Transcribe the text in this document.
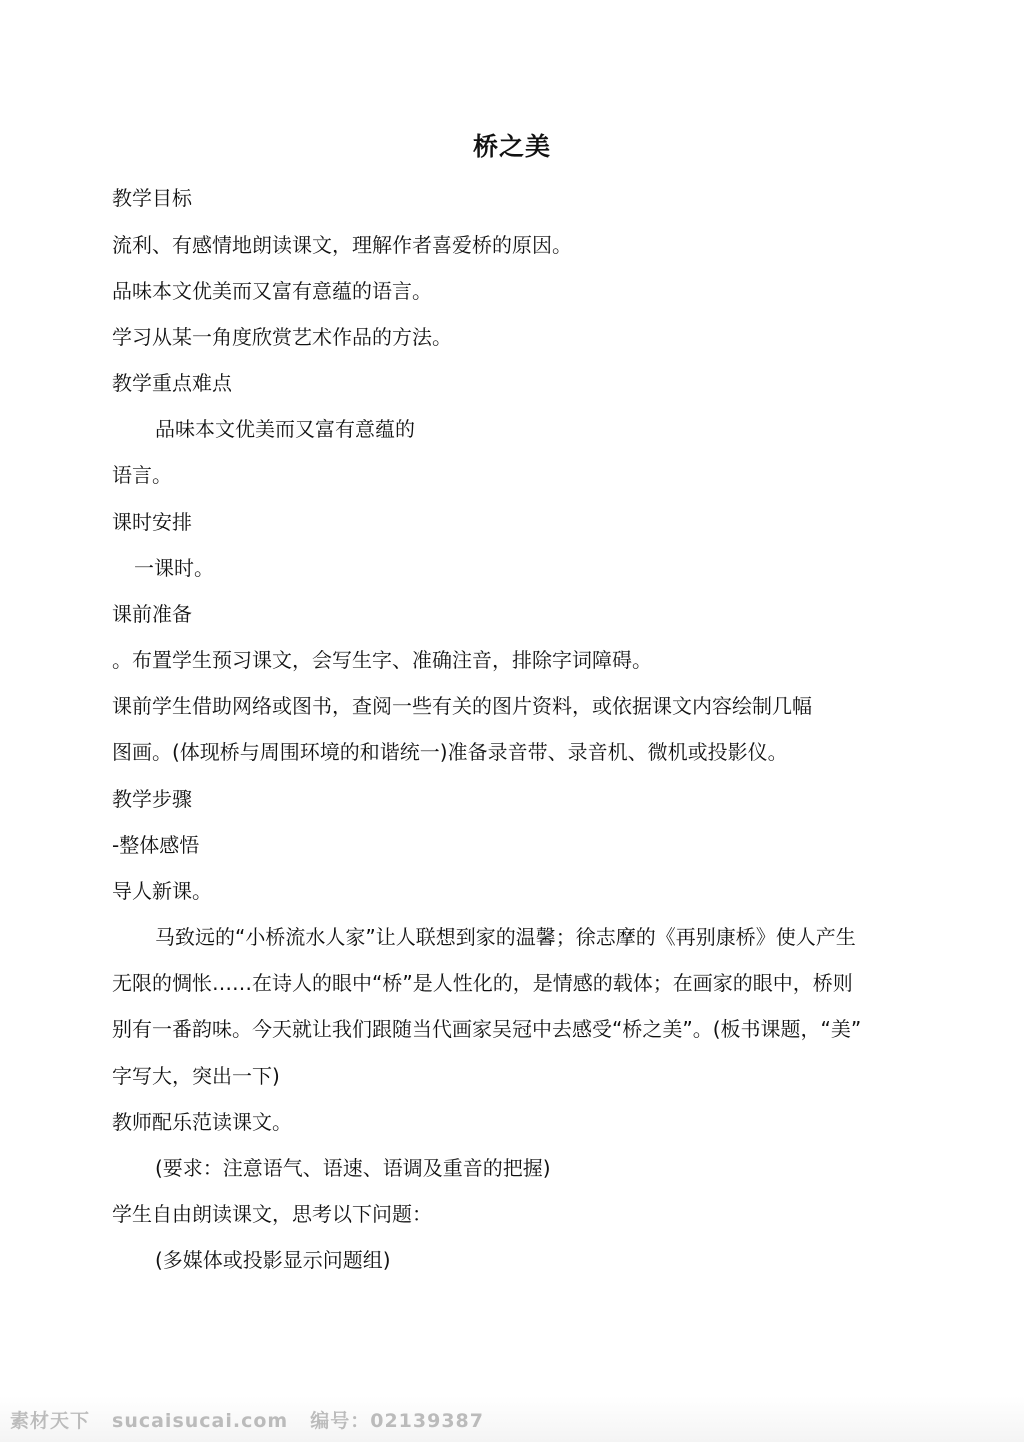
桥之美
教学目标
流利、有感情地朗读课文，理解作者喜爱桥的原因。
品味本文优美而又富有意蕴的语言。
学习从某一角度欣赏艺术作品的方法。
教学重点难点
品味本文优美而又富有意蕴的
语言。
课时安排
一课时。
课前准备
。布置学生预习课文，会写生字、准确注音，排除字词障碍。
课前学生借助网络或图书，查阅一些有关的图片资料，或依据课文内容绘制几幅
图画。(体现桥与周围环境的和谐统一)准备录音带、录音机、微机或投影仪。
教学步骤
-整体感悟
导人新课。
马致远的“小桥流水人家”让人联想到家的温馨；徐志摩的《再别康桥》使人产生
无限的惆怅……在诗人的眼中“桥”是人性化的，是情感的载体；在画家的眼中，桥则
别有一番韵味。今天就让我们跟随当代画家吴冠中去感受“桥之美”。(板书课题，“美”
字写大，突出一下)
教师配乐范读课文。
(要求：注意语气、语速、语调及重音的把握)
学生自由朗读课文，思考以下问题：
(多媒体或投影显示问题组)
素材天下 sucaisucai.com 编号：02139387
